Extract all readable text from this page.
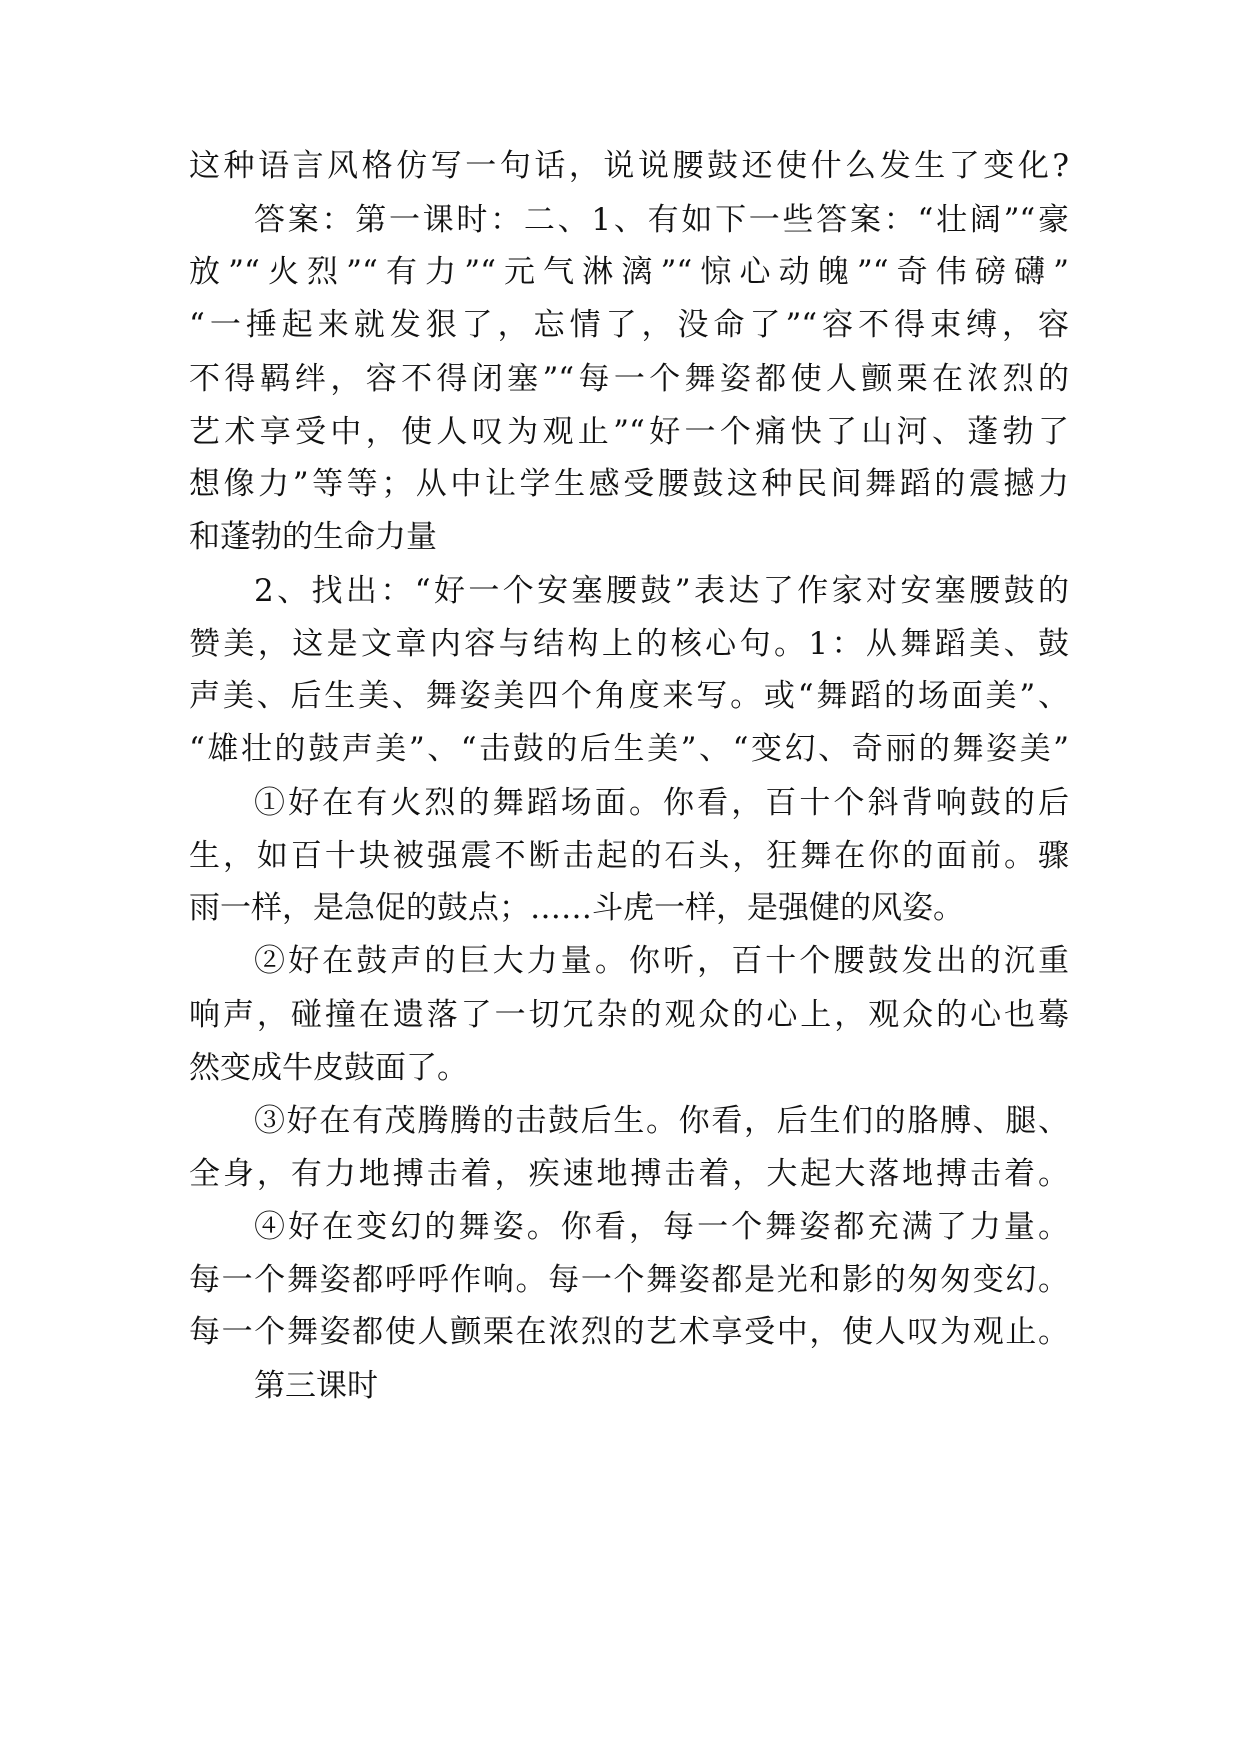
这种语言风格仿写一句话，说说腰鼓还使什么发生了变化?
答案：第一课时：二、1、有如下一些答案：“壮阔”“豪
放”“火烈”“有力”“元气淋漓”“惊心动魄”“奇伟磅礴”
“一捶起来就发狠了，忘情了，没命了”“容不得束缚，容
不得羁绊，容不得闭塞”“每一个舞姿都使人颤栗在浓烈的
艺术享受中，使人叹为观止”“好一个痛快了山河、蓬勃了
想像力”等等；从中让学生感受腰鼓这种民间舞蹈的震撼力
和蓬勃的生命力量
2、找出：“好一个安塞腰鼓”表达了作家对安塞腰鼓的
赞美，这是文章内容与结构上的核心句。1：从舞蹈美、鼓
声美、后生美、舞姿美四个角度来写。或“舞蹈的场面美”、
“雄壮的鼓声美”、“击鼓的后生美”、“变幻、奇丽的舞姿美”
①好在有火烈的舞蹈场面。你看，百十个斜背响鼓的后
生，如百十块被强震不断击起的石头，狂舞在你的面前。骤
雨一样，是急促的鼓点；……斗虎一样，是强健的风姿。
②好在鼓声的巨大力量。你听，百十个腰鼓发出的沉重
响声，碰撞在遗落了一切冗杂的观众的心上，观众的心也蓦
然变成牛皮鼓面了。
③好在有茂腾腾的击鼓后生。你看，后生们的胳膊、腿、
全身，有力地搏击着，疾速地搏击着，大起大落地搏击着。
④好在变幻的舞姿。你看，每一个舞姿都充满了力量。
每一个舞姿都呼呼作响。每一个舞姿都是光和影的匆匆变幻。
每一个舞姿都使人颤栗在浓烈的艺术享受中，使人叹为观止。
第三课时
